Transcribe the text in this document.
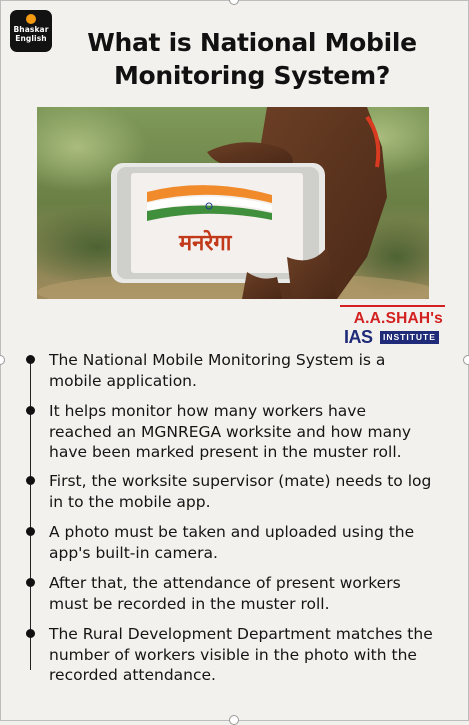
Bhaskar
English	What is National Mobile
Monitoring System?
मनरेगा
A.A.SHAH's
IAS	INSTITUTE
The National Mobile Monitoring System is a
mobile application.
It helps monitor how many workers have
reached an MGNREGA worksite and how many
have been marked present in the muster roll.
First, the worksite supervisor (mate) needs to log
in to the mobile app.
A photo must be taken and uploaded using the
app's built-in camera.
After that, the attendance of present workers
must be recorded in the muster roll.
The Rural Development Department matches the
number of workers visible in the photo with the
recorded attendance.
